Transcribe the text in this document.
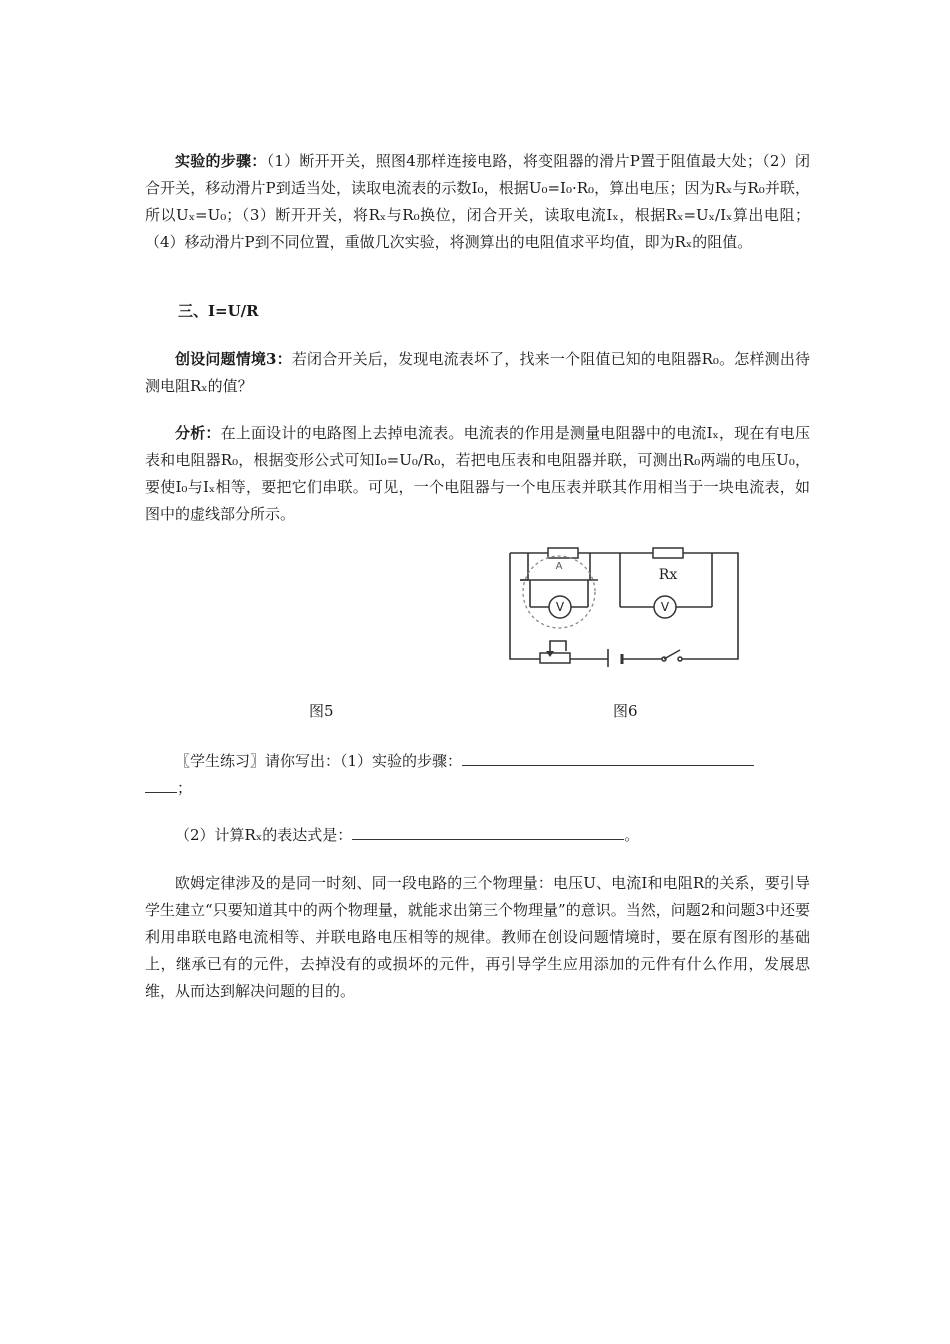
实验的步骤：（1）断开开关，照图4那样连接电路，将变阻器的滑片P置于阻值最大处；（2）闭合开关，移动滑片P到适当处，读取电流表的示数I₀，根据U₀=I₀·R₀，算出电压；因为Rₓ与R₀并联，所以Uₓ=U₀；（3）断开开关，将Rₓ与R₀换位，闭合开关，读取电流Iₓ，根据Rₓ=Uₓ/Iₓ算出电阻；（4）移动滑片P到不同位置，重做几次实验，将测算出的电阻值求平均值，即为Rₓ的阻值。

三、I=U/R

创设问题情境3：若闭合开关后，发现电流表坏了，找来一个阻值已知的电阻器R₀。怎样测出待测电阻Rₓ的值？

分析：在上面设计的电路图上去掉电流表。电流表的作用是测量电阻器中的电流Iₓ，现在有电压表和电阻器R₀，根据变形公式可知I₀=U₀/R₀，若把电压表和电阻器并联，可测出R₀两端的电压U₀，要使I₀与Iₓ相等，要把它们串联。可见，一个电阻器与一个电压表并联其作用相当于一块电流表，如图中的虚线部分所示。

A
V	V
Rx
图5	图6

〖学生练习〗请你写出：（1）实验的步骤：
；

（2）计算Rₓ的表达式是：	。

欧姆定律涉及的是同一时刻、同一段电路的三个物理量：电压U、电流I和电阻R的关系，要引导学生建立“只要知道其中的两个物理量，就能求出第三个物理量”的意识。当然，问题2和问题3中还要利用串联电路电流相等、并联电路电压相等的规律。教师在创设问题情境时，要在原有图形的基础上，继承已有的元件，去掉没有的或损坏的元件，再引导学生应用添加的元件有什么作用，发展思维，从而达到解决问题的目的。
